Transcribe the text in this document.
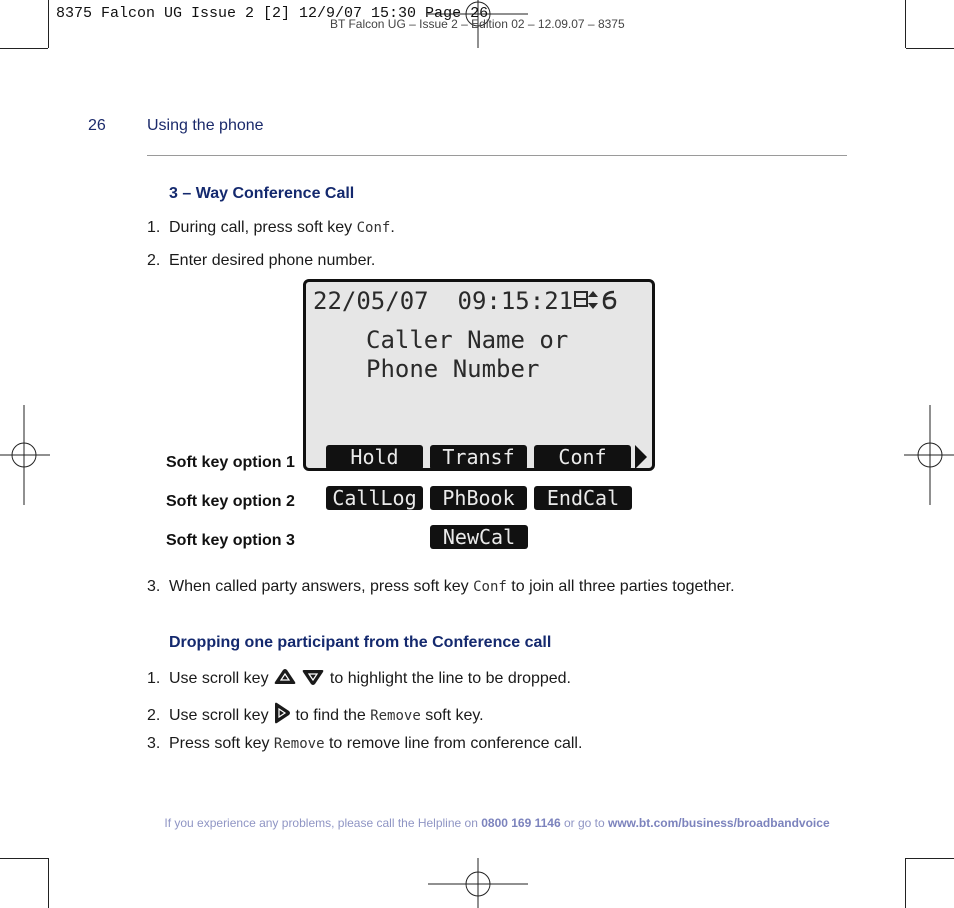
BT Falcon UG – Issue 2 – Edition 02 – 12.09.07 – 8375
8375 Falcon UG Issue 2 [2] 12/9/07 15:30 Page 26
26	Using the phone
3 – Way Conference Call
1. During call, press soft key Conf.
2. Enter desired phone number.
22/05/07  09:15:21
Caller Name or
Phone Number
Hold	Transf	Conf
CallLog	PhBook	EndCal
NewCal
Soft key option 1
Soft key option 2
Soft key option 3
3. When called party answers, press soft key Conf to join all three parties together.
Dropping one participant from the Conference call
1. Use scroll key	to highlight the line to be dropped.
2. Use scroll key  to find the Remove soft key.
3. Press soft key Remove to remove line from conference call.
If you experience any problems, please call the Helpline on 0800 169 1146 or go to www.bt.com/business/broadbandvoice
